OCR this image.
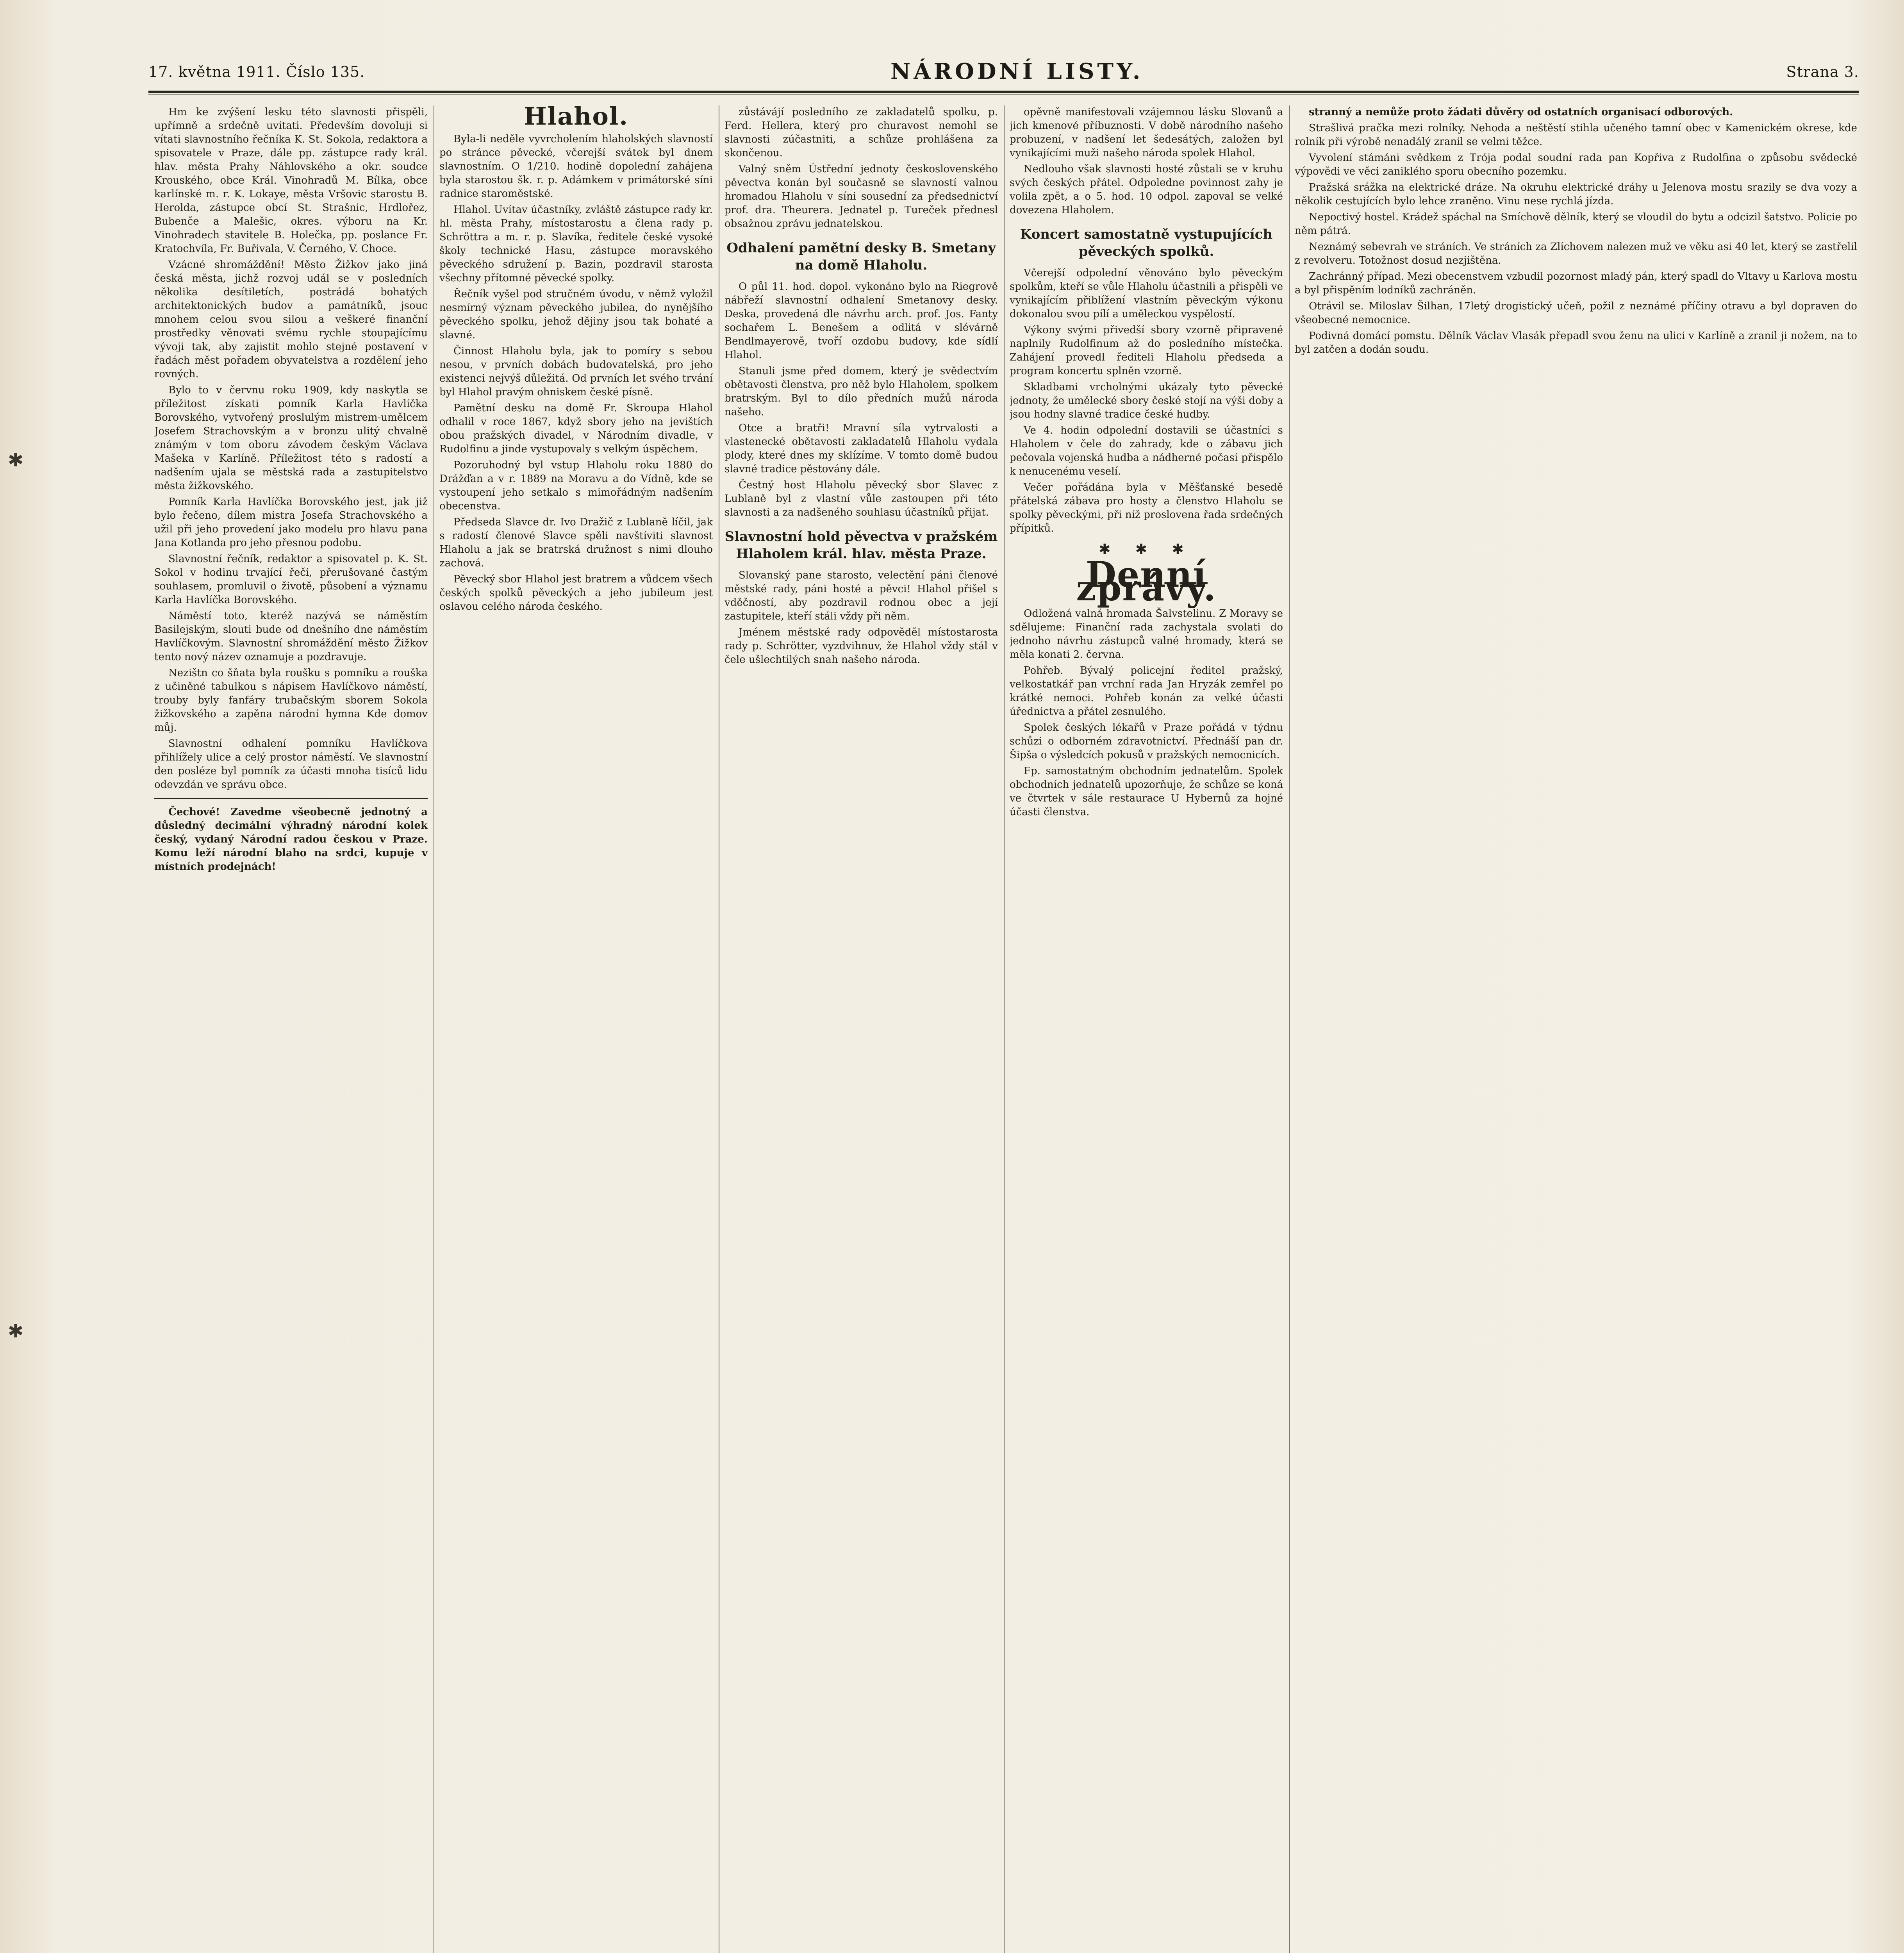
✱
✱
17. května 1911. Číslo 135.	NÁRODNÍ LISTY.	Strana 3.

Hm ke zvýšení lesku této slavnosti přispěli, upřímně a srdečně uvítati. Především dovoluji si vítati slavnostního řečníka K. St. Sokola, redaktora a spisovatele v Praze, dále pp. zástupce rady král. hlav. města Prahy Náhlovského a okr. soudce Krouského, obce Král. Vinohradů M. Bílka, obce karlínské m. r. K. Lokaye, města Vršovic starostu B. Herolda, zástupce obcí St. Strašnic, Hrdlořez, Bubenče a Malešic, okres. výboru na Kr. Vinohradech stavitele B. Holečka, pp. poslance Fr. Kratochvíla, Fr. Buřivala, V. Černého, V. Choce.

Vzácné shromáždění! Město Žižkov jako jiná česká města, jichž rozvoj udál se v posledních několika desítiletích, postrádá bohatých architektonických budov a památníků, jsouc mnohem celou svou silou a veškeré finanční prostředky věnovati svému rychle stoupajícímu vývoji tak, aby zajistit mohlo stejné postavení v řadách měst pořadem obyvatelstva a rozdělení jeho rovných.

Bylo to v červnu roku 1909, kdy naskytla se příležitost získati pomník Karla Havlíčka Borovského, vytvořený proslulým mistrem-umělcem Josefem Strachovským a v bronzu ulitý chvalně známým v tom oboru závodem českým Václava Mašeka v Karlíně. Příležitost této s radostí a nadšením ujala se městská rada a zastupitelstvo města žižkovského.

Pomník Karla Havlíčka Borovského jest, jak již bylo řečeno, dílem mistra Josefa Strachovského a užil při jeho provedení jako modelu pro hlavu pana Jana Kotlanda pro jeho přesnou podobu.

Slavnostní řečník, redaktor a spisovatel p. K. St. Sokol v hodinu trvající řeči, přerušované častým souhlasem, promluvil o životě, působení a významu Karla Havlíčka Borovského.

Náměstí toto, kteréž nazývá se náměstím Basilejským, slouti bude od dnešního dne náměstím Havlíčkovým. Slavnostní shromáždění město Žižkov tento nový název oznamuje a pozdravuje.

Nezištn co šňata byla roušku s pomníku a rouška z učiněné tabulkou s nápisem Havlíčkovo náměstí, trouby byly fanfáry trubačským sborem Sokola žižkovského a zapěna národní hymna Kde domov můj.

Slavnostní odhalení pomníku Havlíčkova přihlížely ulice a celý prostor náměstí. Ve slavnostní den posléze byl pomník za účasti mnoha tisíců lidu odevzdán ve správu obce.

Čechové! Zavedme všeobecně jednotný a důsledný decimální výhradný národní kolek český, vydaný Národní radou českou v Praze. Komu leží národní blaho na srdci, kupuje v místních prodejnách!

Hlahol.

Byla-li neděle vyvrcholením hlaholských slavností po stránce pěvecké, včerejší svátek byl dnem slavnostním. O 1/210. hodině dopolední zahájena byla starostou šk. r. p. Adámkem v primátorské síni radnice staroměstské.

Hlahol. Uvítav účastníky, zvláště zástupce rady kr. hl. města Prahy, místostarostu a člena rady p. Schröttra a m. r. p. Slavíka, ředitele české vysoké školy technické Hasu, zástupce moravského pěveckého sdružení p. Bazin, pozdravil starosta všechny přítomné pěvecké spolky.

Řečník vyšel pod stručném úvodu, v němž vyložil nesmírný význam pěveckého jubilea, do nynějšího pěveckého spolku, jehož dějiny jsou tak bohaté a slavné.

Činnost Hlaholu byla, jak to pomíry s sebou nesou, v prvních dobách budovatelská, pro jeho existenci nejvýš důležitá. Od prvních let svého trvání byl Hlahol pravým ohniskem české písně.

Pamětní desku na domě Fr. Skroupa Hlahol odhalil v roce 1867, když sbory jeho na jevištích obou pražských divadel, v Národním divadle, v Rudolfinu a jinde vystupovaly s velkým úspěchem.

Pozoruhodný byl vstup Hlaholu roku 1880 do Drážďan a v r. 1889 na Moravu a do Vídně, kde se vystoupení jeho setkalo s mimořádným nadšením obecenstva.

Předseda Slavce dr. Ivo Dražič z Lublaně líčil, jak s radostí členové Slavce spěli navštíviti slavnost Hlaholu a jak se bratrská družnost s nimi dlouho zachová.

Pěvecký sbor Hlahol jest bratrem a vůdcem všech českých spolků pěveckých a jeho jubileum jest oslavou celého národa českého.

zůstávájí posledního ze zakladatelů spolku, p. Ferd. Hellera, který pro churavost nemohl se slavnosti zúčastniti, a schůze prohlášena za skončenou.

Valný sněm Ústřední jednoty československého pěvectva konán byl současně se slavností valnou hromadou Hlaholu v síni sousední za předsednictví prof. dra. Theurera. Jednatel p. Tureček přednesl obsažnou zprávu jednatelskou.

Odhalení pamětní desky B. Smetany na domě Hlaholu.

O půl 11. hod. dopol. vykonáno bylo na Riegrově nábřeží slavnostní odhalení Smetanovy desky. Deska, provedená dle návrhu arch. prof. Jos. Fanty sochařem L. Benešem a odlitá v slévárně Bendlmayerově, tvoří ozdobu budovy, kde sídlí Hlahol.

Stanuli jsme před domem, který je svědectvím obětavosti členstva, pro něž bylo Hlaholem, spolkem bratrským. Byl to dílo předních mužů národa našeho.

Otce a bratři! Mravní síla vytrvalosti a vlastenecké obětavosti zakladatelů Hlaholu vydala plody, které dnes my sklízíme. V tomto domě budou slavné tradice pěstovány dále.

Čestný host Hlaholu pěvecký sbor Slavec z Lublaně byl z vlastní vůle zastoupen při této slavnosti a za nadšeného souhlasu účastníků přijat.

Slavnostní hold pěvectva v pražském Hlaholem král. hlav. města Praze.

Slovanský pane starosto, velectění páni členové městské rady, páni hosté a pěvci! Hlahol přišel s vděčností, aby pozdravil rodnou obec a její zastupitele, kteří stáli vždy při něm.

Jménem městské rady odpověděl místostarosta rady p. Schrötter, vyzdvihnuv, že Hlahol vždy stál v čele ušlechtilých snah našeho národa.

opěvně manifestovali vzájemnou lásku Slovanů a jich kmenové příbuznosti. V době národního našeho probuzení, v nadšení let šedesátých, založen byl vynikajícími muži našeho národa spolek Hlahol.

Nedlouho však slavnosti hosté zůstali se v kruhu svých českých přátel. Odpoledne povinnost zahy je volila zpět, a o 5. hod. 10 odpol. zapoval se velké dovezena Hlaholem.

Koncert samostatně vystupujících pěveckých spolků.

Včerejší odpolední věnováno bylo pěveckým spolkům, kteří se vůle Hlaholu účastnili a přispěli ve vynikajícím přiblížení vlastním pěveckým výkonu dokonalou svou pílí a uměleckou vyspělostí.

Výkony svými přivedší sbory vzorně připravené naplnily Rudolfinum až do posledního místečka. Zahájení provedl řediteli Hlaholu předseda a program koncertu splněn vzorně.

Skladbami vrcholnými ukázaly tyto pěvecké jednoty, že umělecké sbory české stojí na výši doby a jsou hodny slavné tradice české hudby.

Ve 4. hodin odpolední dostavili se účastníci s Hlaholem v čele do zahrady, kde o zábavu jich pečovala vojenská hudba a nádherné počasí přispělo k nenucenému veselí.

Večer pořádána byla v Měšťanské besedě přátelská zábava pro hosty a členstvo Hlaholu se spolky pěveckými, při níž proslovena řada srdečných přípitků.

✱ ✱ ✱
Denní zprávy.

Odložená valná hromada Šalvstelinu. Z Moravy se sdělujeme: Finanční rada zachystala svolati do jednoho návrhu zástupců valné hromady, která se měla konati 2. června.

Pohřeb. Bývalý policejní ředitel pražský, velkostatkář pan vrchní rada Jan Hryzák zemřel po krátké nemoci. Pohřeb konán za velké účasti úřednictva a přátel zesnulého.

Spolek českých lékařů v Praze pořádá v týdnu schůzi o odborném zdravotnictví. Přednáší pan dr. Šipša o výsledcích pokusů v pražských nemocnicích.

Fp. samostatným obchodním jednatelům. Spolek obchodních jednatelů upozorňuje, že schůze se koná ve čtvrtek v sále restaurace U Hybernů za hojné účasti členstva.

stranný a nemůže proto žádati důvěry od ostatních organisací odborových.

Strašlivá pračka mezi rolníky. Nehoda a neštěstí stihla učeného tamní obec v Kamenickém okrese, kde rolník při výrobě nenadálý zranil se velmi těžce.

Vyvolení stámáni svědkem z Trója podal soudní rada pan Kopřiva z Rudolfina o způsobu svědecké výpovědi ve věci zaniklého sporu obecního pozemku.

Pražská srážka na elektrické dráze. Na okruhu elektrické dráhy u Jelenova mostu srazily se dva vozy a několik cestujících bylo lehce zraněno. Vinu nese rychlá jízda.

Nepoctivý hostel. Krádež spáchal na Smíchově dělník, který se vloudil do bytu a odcizil šatstvo. Policie po něm pátrá.

Neznámý sebevrah ve stráních. Ve stráních za Zlíchovem nalezen muž ve věku asi 40 let, který se zastřelil z revolveru. Totožnost dosud nezjištěna.

Zachránný případ. Mezi obecenstvem vzbudil pozornost mladý pán, který spadl do Vltavy u Karlova mostu a byl přispěním lodníků zachráněn.

Otrávil se. Miloslav Šilhan, 17letý drogistický učeň, požil z neznámé příčiny otravu a byl dopraven do všeobecné nemocnice.

Podivná domácí pomstu. Dělník Václav Vlasák přepadl svou ženu na ulici v Karlíně a zranil ji nožem, na to byl zatčen a dodán soudu.
